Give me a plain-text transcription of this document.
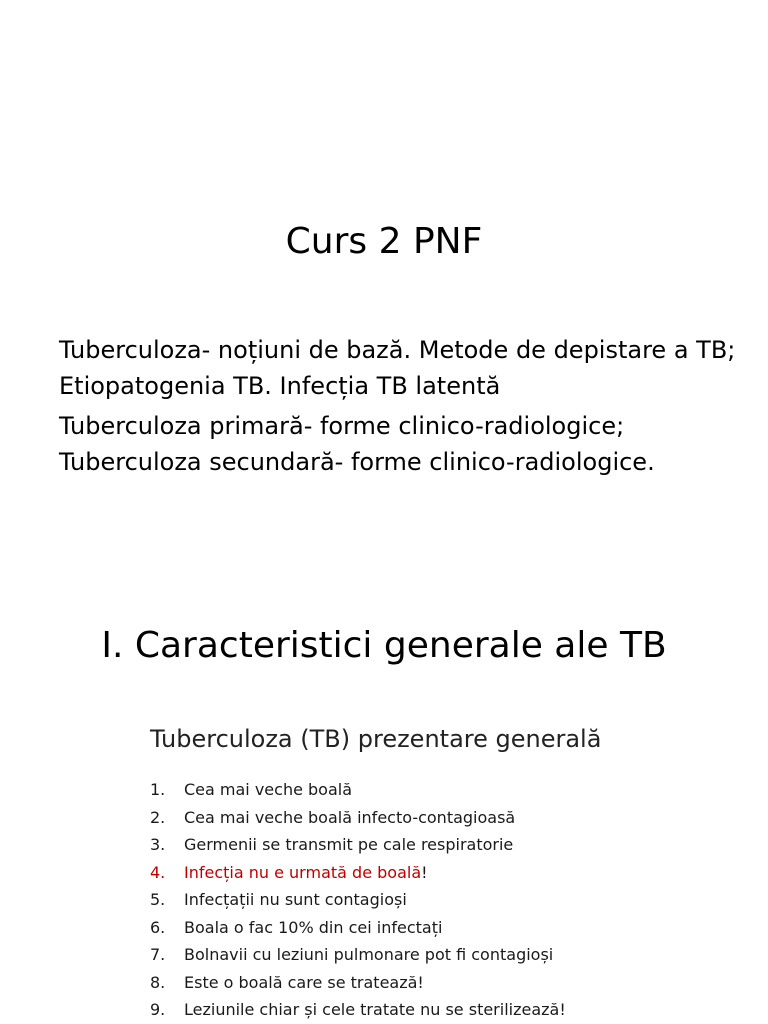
Curs 2 PNF

Tuberculoza- noțiuni de bază. Metode de depistare a TB; Etiopatogenia TB. Infecția TB latentă

Tuberculoza primară- forme clinico-radiologice; Tuberculoza secundară- forme clinico-radiologice.

I. Caracteristici generale ale TB
Tuberculoza (TB) prezentare generală
1.	Cea mai veche boală
2.	Cea mai veche boală infecto-contagioasă
3.	Germenii se transmit pe cale respiratorie
4.	Infecția nu e urmată de boală !
5.	Infecțații nu sunt contagioși
6.	Boala o fac 10% din cei infectați
7.	Bolnavii cu leziuni pulmonare pot fi contagioși
8.	Este o boală care se tratează!
9.	Leziunile chiar și cele tratate nu se sterilizează!
